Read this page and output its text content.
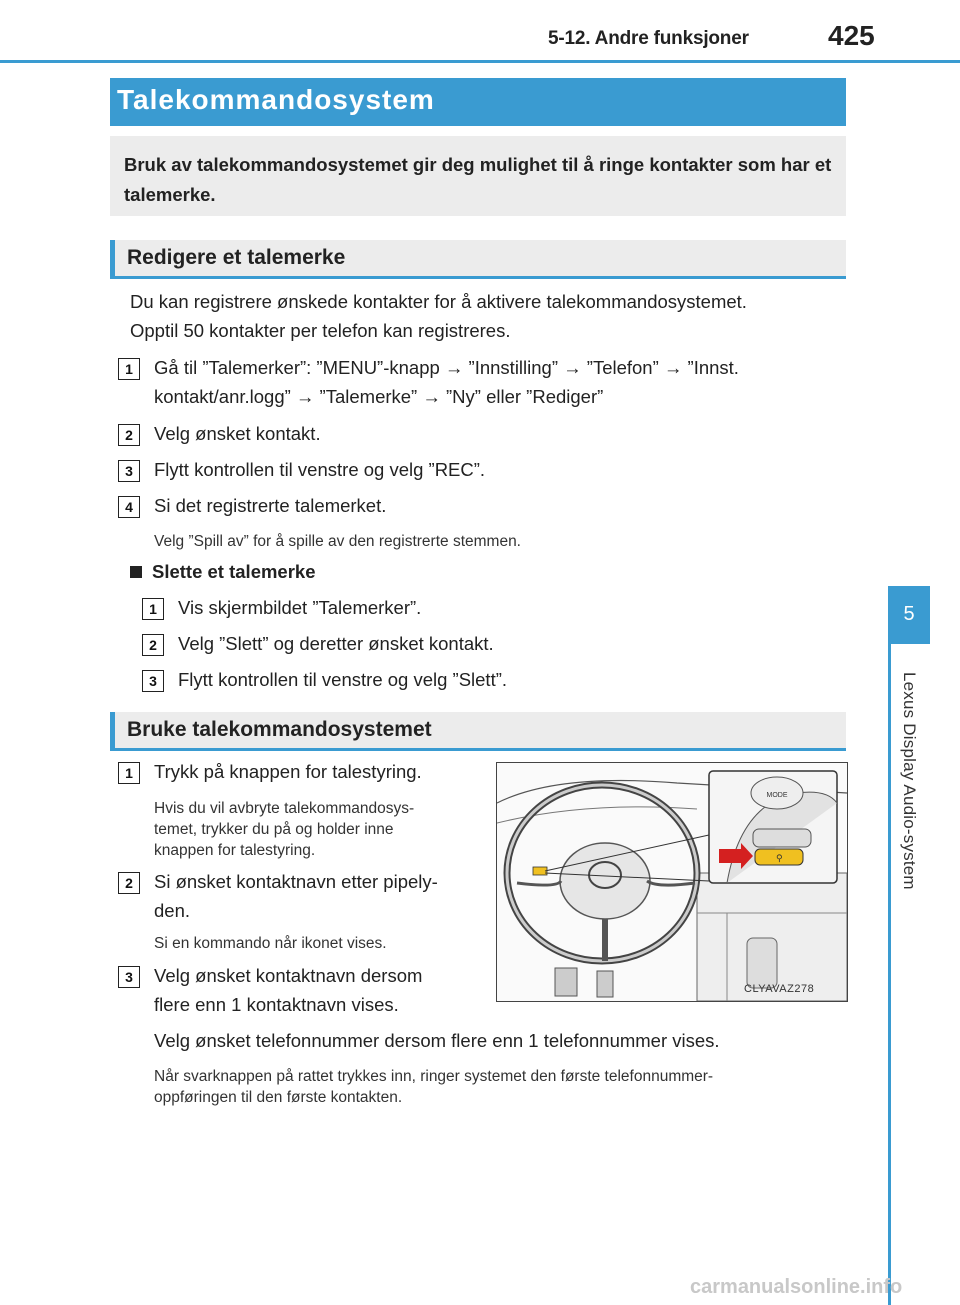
5-12. Andre funksjoner	425
5
Lexus Display Audio-system
Talekommandosystem
Bruk av talekommandosystemet gir deg mulighet til å ringe kontakter som har et talemerke.
Redigere et talemerke
Du kan registrere ønskede kontakter for å aktivere talekommandosystemet.
Opptil 50 kontakter per telefon kan registreres.
1	Gå til ”Talemerker”: ”MENU”-knapp → ”Innstilling” → ”Telefon” → ”Innst.
kontakt/anr.logg” → ”Talemerke” → ”Ny” eller ”Rediger”
2	Velg ønsket kontakt.
3	Flytt kontrollen til venstre og velg ”REC”.
4	Si det registrerte talemerket.
Velg ”Spill av” for å spille av den registrerte stemmen.
Slette et talemerke
1	Vis skjermbildet ”Talemerker”.
2	Velg ”Slett” og deretter ønsket kontakt.
3	Flytt kontrollen til venstre og velg ”Slett”.
Bruke talekommandosystemet
1	Trykk på knappen for talestyring.
Hvis du vil avbryte talekommandosys-
temet, trykker du på og holder inne
knappen for talestyring.
2	Si ønsket kontaktnavn etter pipely-
den.
Si en kommando når ikonet vises.
3	Velg ønsket kontaktnavn dersom
flere enn 1 kontaktnavn vises.
Velg ønsket telefonnummer dersom flere enn 1 telefonnummer vises.
Når svarknappen på rattet trykkes inn, ringer systemet den første telefonnummer-
oppføringen til den første kontakten.
MODE
⚲
CLYAVAZ278
carmanualsonline.info
